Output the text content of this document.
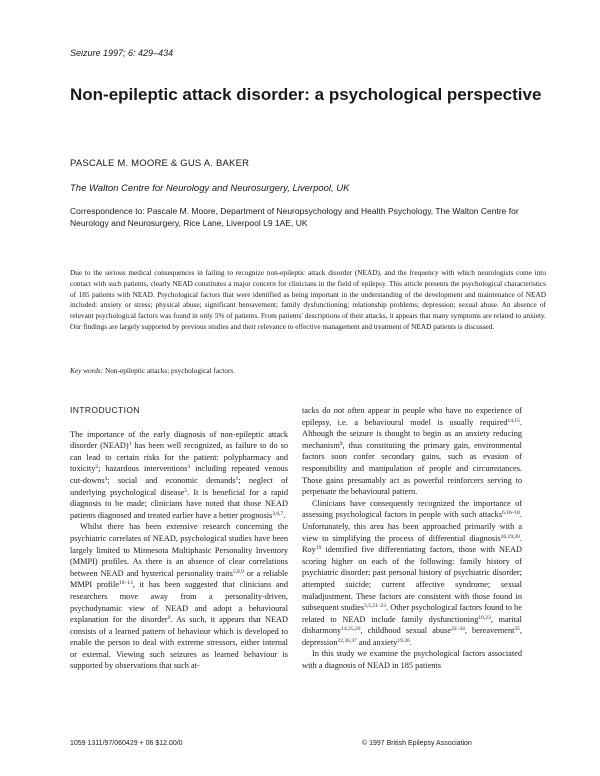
Seizure 1997; 6: 429–434
Non-epileptic attack disorder: a psychological perspective
PASCALE M. MOORE & GUS A. BAKER
The Walton Centre for Neurology and Neurosurgery, Liverpool, UK
Correspondence to: Pascale M. Moore, Department of Neuropsychology and Health Psychology, The Walton Centre for Neurology and Neurosurgery, Rice Lane, Liverpool L9 1AE, UK
Due to the serious medical consequences in failing to recognize non-epileptic attack disorder (NEAD), and the frequency with which neurologists come into contact with such patients, clearly NEAD constitutes a major concern for clinicians in the field of epilepsy. This article presents the psychological characteristics of 185 patients with NEAD. Psychological factors that were identified as being important in the understanding of the development and maintenance of NEAD included: anxiety or stress; physical abuse; significant bereavement; family dysfunctioning; relationship problems; depression; sexual abuse. An absence of relevant psychological factors was found in only 5% of patients. From patients' descriptions of their attacks, it appears that many symptoms are related to anxiety. Our findings are largely supported by previous studies and their relevance to effective management and treatment of NEAD patients is discussed.
Key words: Non-epileptic attacks; psychological factors.
INTRODUCTION

The importance of the early diagnosis of non-epileptic attack disorder (NEAD)$^1$ has been well recognized, as failure to do so can lead to certain risks for the patient: polypharmacy and toxicity$^2$; hazardous interventions$^3$ including repeated venous cut-downs$^4$; social and economic demands$^1$; neglect of underlying psychological disease$^5$. It is beneficial for a rapid diagnosis to be made; clinicians have noted that those NEAD patients diagnosed and treated earlier have a better prognosis$^{3,6,7}$.

Whilst there has been extensive research concerning the psychiatric correlates of NEAD, psychological studies have been largely limited to Minnesota Multiphasic Personality Inventory (MMPI) profiles. As there is an absence of clear correlations between NEAD and hysterical personality traits$^{5,8,9}$ or a reliable MMPI profile$^{10-13}$, it has been suggested that clinicians and researchers move away from a personality-driven, psychodynamic view of NEAD and adopt a behavioural explanation for the disorder$^9$. As such, it appears that NEAD consists of a learned pattern of behaviour which is developed to enable the person to deal with extreme stressors, either internal or external. Viewing such seizures as learned behaviour is supported by observations that such at-

tacks do not often appear in people who have no experience of epilepsy, i.e. a behavioural model is usually required$^{14,15}$. Although the seizure is thought to begin as an anxiety reducing mechanism$^9$, thus constituting the primary gain, environmental factors soon confer secondary gains, such as evasion of responsibility and manipulation of people and circumstances. Those gains presumably act as powerful reinforcers serving to perpetuate the behavioural pattern.

Clinicians have consequently recognized the importance of assessing psychological factors in people with such attacks$^{6,16-18}$. Unfortunately, this area has been approached primarily with a view to simplifying the process of differential diagnosis$^{16,19,20}$. Roy$^{19}$ identified five differentiating factors, those with NEAD scoring higher on each of the following: family history of psychiatric disorder; past personal history of psychiatric disorder; attempted suicide; current affective syndrome; sexual maladjustment. These factors are consistent with those found in subsequent studies$^{3,5,21-23}$. Other psychological factors found to be related to NEAD include family dysfunctioning$^{10,23}$, marital disharmony$^{14,25,26}$, childhood sexual abuse$^{22-34}$, bereavement$^{35}$, depression$^{22,36,37}$ and anxiety$^{19,26}$.

In this study we examine the psychological factors associated with a diagnosis of NEAD in 185 patients

1059 1311/97/060429 + 06 $12.00/0	© 1997 British Epilepsy Association
